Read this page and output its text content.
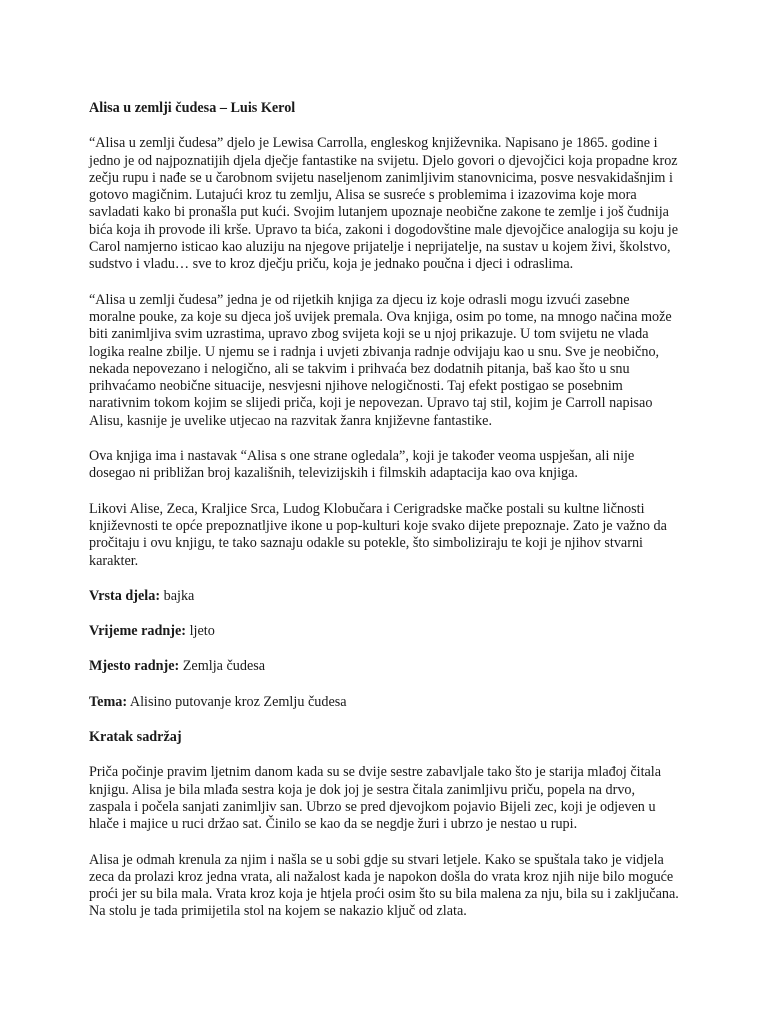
Alisa u zemlji čudesa – Luis Kerol

“Alisa u zemlji čudesa” djelo je Lewisa Carrolla, engleskog književnika. Napisano je 1865. godine i jedno je od najpoznatijih djela dječje fantastike na svijetu. Djelo govori o djevojčici koja propadne kroz zečju rupu i nađe se u čarobnom svijetu naseljenom zanimljivim stanovnicima, posve nesvakidašnjim i gotovo magičnim. Lutajući kroz tu zemlju, Alisa se susreće s problemima i izazovima koje mora savladati kako bi pronašla put kući. Svojim lutanjem upoznaje neobične zakone te zemlje i još čudnija bića koja ih provode ili krše. Upravo ta bića, zakoni i dogodovštine male djevojčice analogija su koju je Carol namjerno isticao kao aluziju na njegove prijatelje i neprijatelje, na sustav u kojem živi, školstvo, sudstvo i vladu… sve to kroz dječju priču, koja je jednako poučna i djeci i odraslima.

“Alisa u zemlji čudesa” jedna je od rijetkih knjiga za djecu iz koje odrasli mogu izvući zasebne moralne pouke, za koje su djeca još uvijek premala. Ova knjiga, osim po tome, na mnogo načina može biti zanimljiva svim uzrastima, upravo zbog svijeta koji se u njoj prikazuje. U tom svijetu ne vlada logika realne zbilje. U njemu se i radnja i uvjeti zbivanja radnje odvijaju kao u snu. Sve je neobično, nekada nepovezano i nelogično, ali se takvim i prihvaća bez dodatnih pitanja, baš kao što u snu prihvaćamo neobične situacije, nesvjesni njihove nelogičnosti. Taj efekt postigao se posebnim narativnim tokom kojim se slijedi priča, koji je nepovezan. Upravo taj stil, kojim je Carroll napisao Alisu, kasnije je uvelike utjecao na razvitak žanra književne fantastike.

Ova knjiga ima i nastavak “Alisa s one strane ogledala”, koji je također veoma uspješan, ali nije dosegao ni približan broj kazališnih, televizijskih i filmskih adaptacija kao ova knjiga.

Likovi Alise, Zeca, Kraljice Srca, Ludog Klobučara i Cerigradske mačke postali su kultne ličnosti književnosti te opće prepoznatljive ikone u pop-kulturi koje svako dijete prepoznaje. Zato je važno da pročitaju i ovu knjigu, te tako saznaju odakle su potekle, što simboliziraju te koji je njihov stvarni karakter.

Vrsta djela: bajka

Vrijeme radnje: ljeto

Mjesto radnje: Zemlja čudesa

Tema: Alisino putovanje kroz Zemlju čudesa

Kratak sadržaj

Priča počinje pravim ljetnim danom kada su se dvije sestre zabavljale tako što je starija mlađoj čitala knjigu. Alisa je bila mlađa sestra koja je dok joj je sestra čitala zanimljivu priču, popela na drvo, zaspala i počela sanjati zanimljiv san. Ubrzo se pred djevojkom pojavio Bijeli zec, koji je odjeven u hlače i majice u ruci držao sat. Činilo se kao da se negdje žuri i ubrzo je nestao u rupi.

Alisa je odmah krenula za njim i našla se u sobi gdje su stvari letjele. Kako se spuštala tako je vidjela zeca da prolazi kroz jedna vrata, ali nažalost kada je napokon došla do vrata kroz njih nije bilo moguće proći jer su bila mala. Vrata kroz koja je htjela proći osim što su bila malena za nju, bila su i zaključana. Na stolu je tada primijetila stol na kojem se nakazio ključ od zlata.
